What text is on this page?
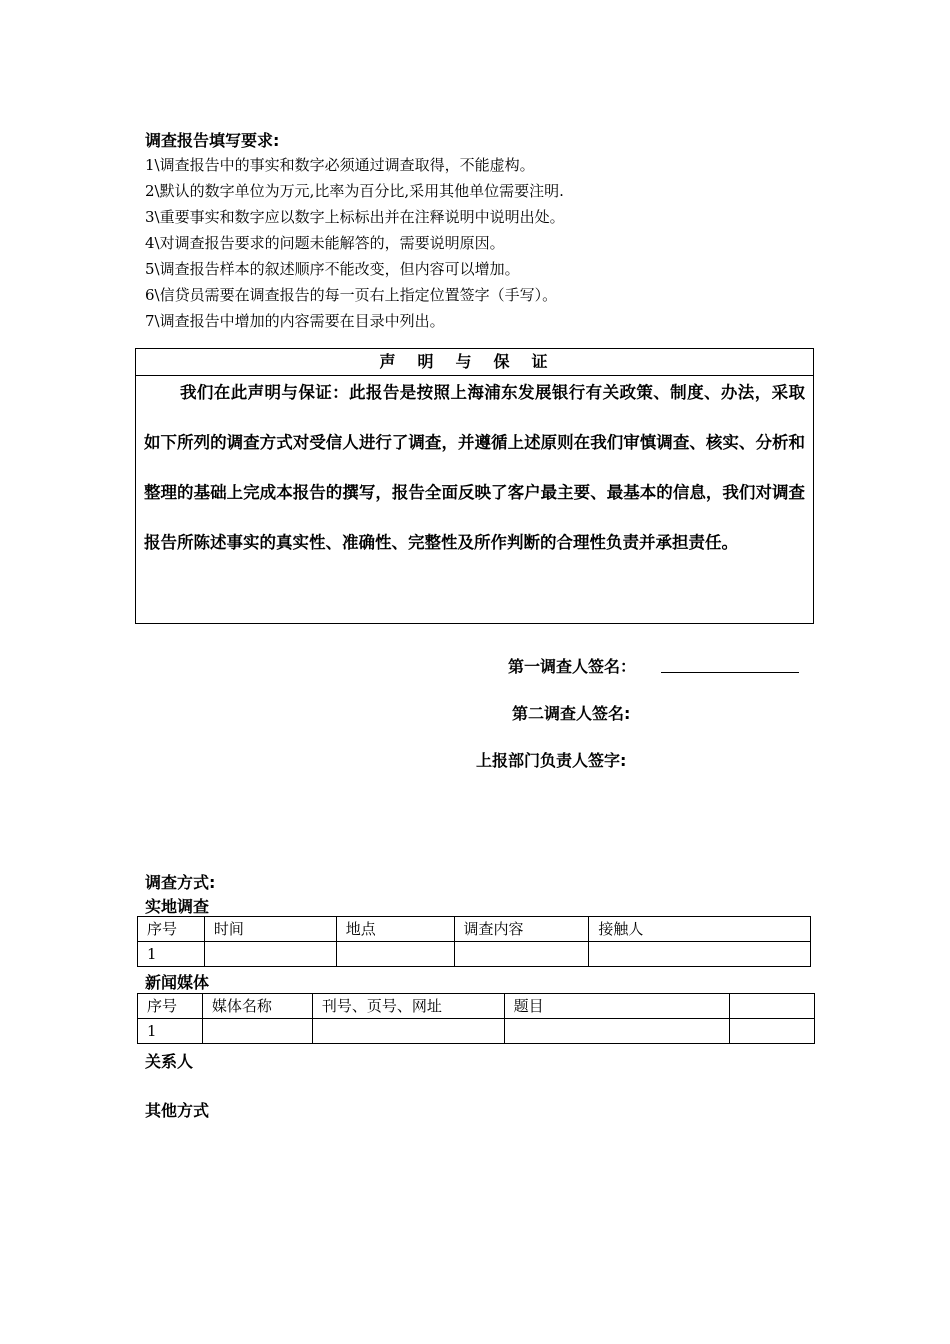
调查报告填写要求:
1\调查报告中的事实和数字必须通过调查取得，不能虚构。
2\默认的数字单位为万元,比率为百分比,采用其他单位需要注明.
3\重要事实和数字应以数字上标标出并在注释说明中说明出处。
4\对调查报告要求的问题未能解答的，需要说明原因。
5\调查报告样本的叙述顺序不能改变，但内容可以增加。
6\信贷员需要在调查报告的每一页右上指定位置签字（手写）。
7\调查报告中增加的内容需要在目录中列出。
声明与保证

我们在此声明与保证：此报告是按照上海浦东发展银行有关政策、制度、办法，采取如下所列的调查方式对受信人进行了调查，并遵循上述原则在我们审慎调查、核实、分析和整理的基础上完成本报告的撰写，报告全面反映了客户最主要、最基本的信息，我们对调查报告所陈述事实的真实性、准确性、完整性及所作判断的合理性负责并承担责任。

第一调查人签名：
第二调查人签名:
上报部门负责人签字:
调查方式:
实地调查
序号	时间	地点	调查内容	接触人
1				
新闻媒体
序号	媒体名称	刊号、页号、网址	题目	
1				
关系人
其他方式
